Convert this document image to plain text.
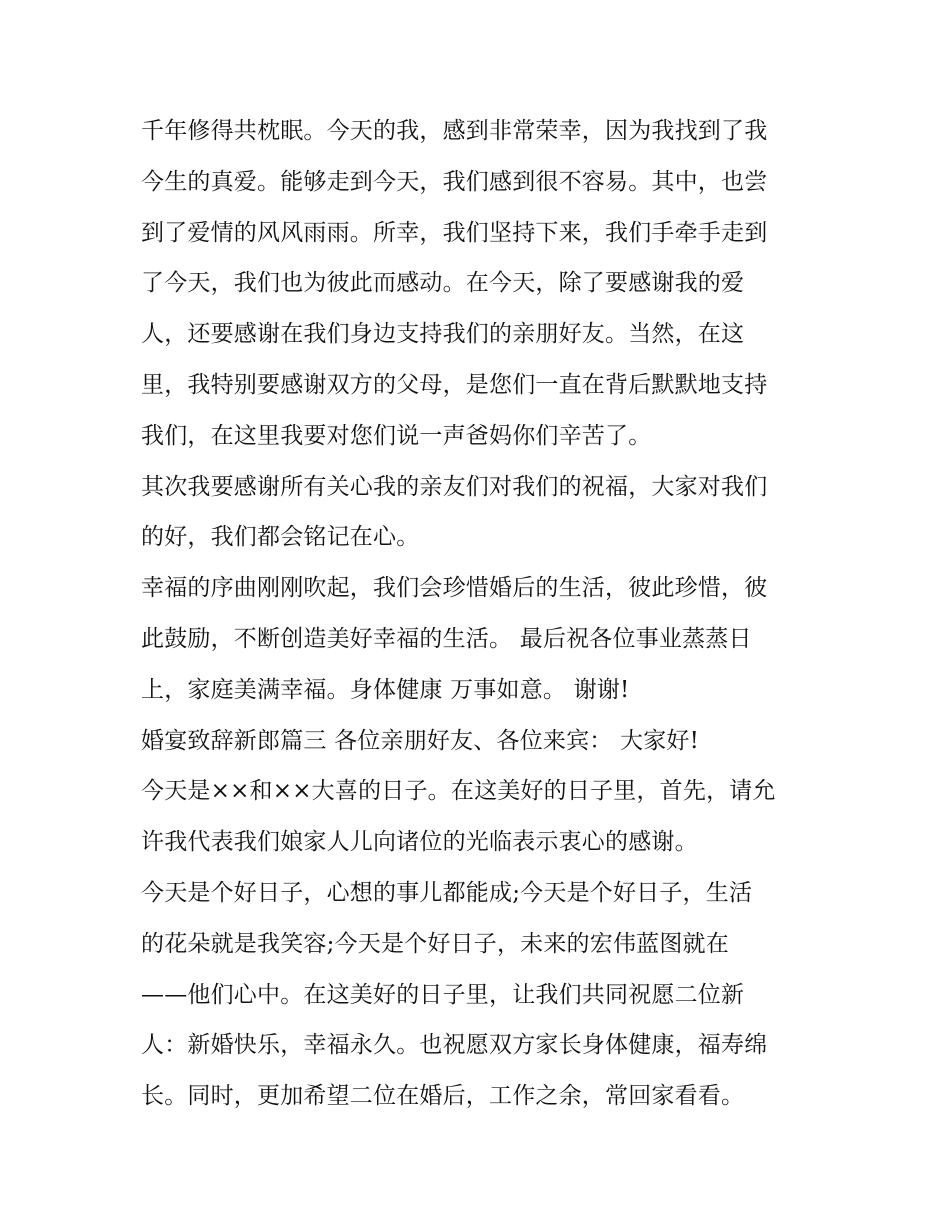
千年修得共枕眠。今天的我，感到非常荣幸，因为我找到了我
今生的真爱。能够走到今天，我们感到很不容易。其中，也尝
到了爱情的风风雨雨。所幸，我们坚持下来，我们手牵手走到
了今天，我们也为彼此而感动。在今天，除了要感谢我的爱
人，还要感谢在我们身边支持我们的亲朋好友。当然，在这
里，我特别要感谢双方的父母，是您们一直在背后默默地支持
我们，在这里我要对您们说一声爸妈你们辛苦了。
其次我要感谢所有关心我的亲友们对我们的祝福，大家对我们
的好，我们都会铭记在心。
幸福的序曲刚刚吹起，我们会珍惜婚后的生活，彼此珍惜，彼
此鼓励，不断创造美好幸福的生活。 最后祝各位事业蒸蒸日
上，家庭美满幸福。身体健康 万事如意。 谢谢!
婚宴致辞新郎篇三 各位亲朋好友、各位来宾： 大家好!
今天是××和××大喜的日子。在这美好的日子里，首先，请允
许我代表我们娘家人儿向诸位的光临表示衷心的感谢。
今天是个好日子，心想的事儿都能成;今天是个好日子，生活
的花朵就是我笑容;今天是个好日子，未来的宏伟蓝图就在
——他们心中。在这美好的日子里，让我们共同祝愿二位新
人：新婚快乐，幸福永久。也祝愿双方家长身体健康，福寿绵
长。同时，更加希望二位在婚后，工作之余，常回家看看。
